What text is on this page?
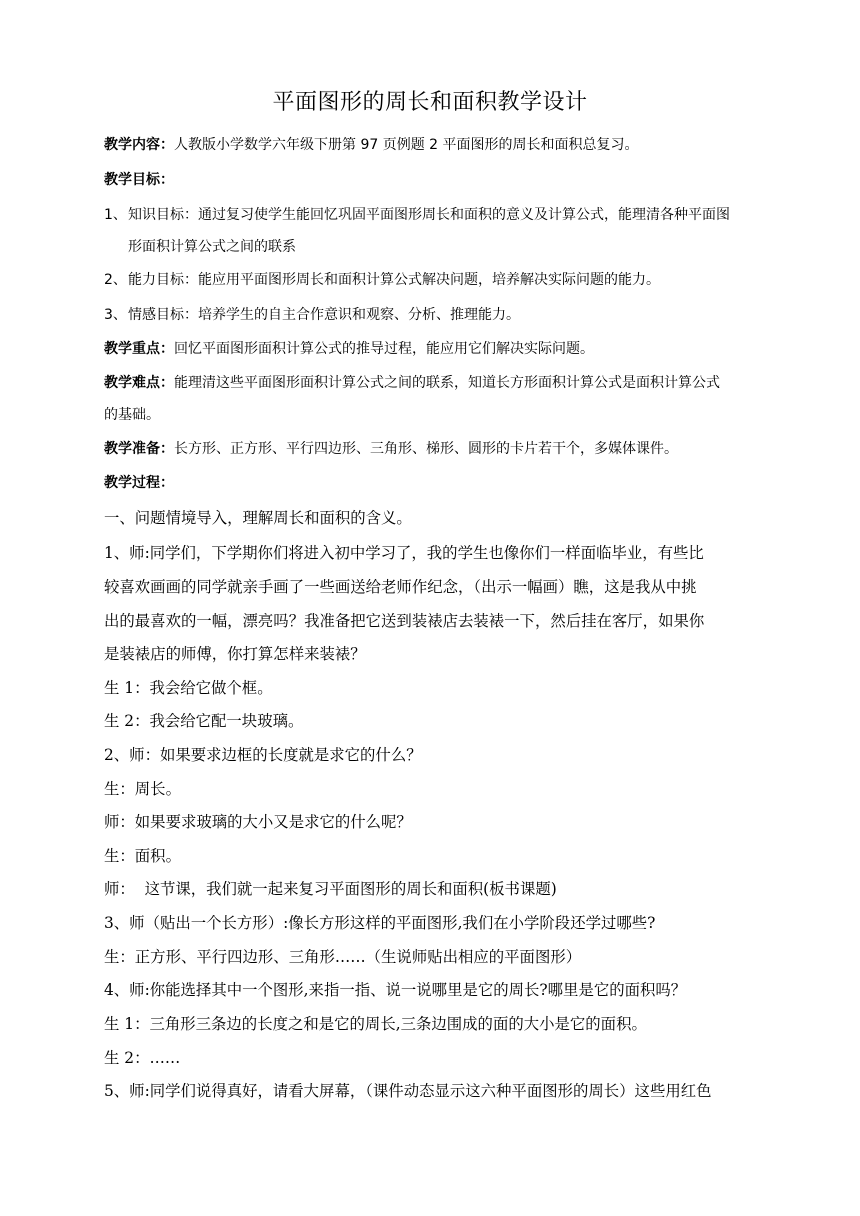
平面图形的周长和面积教学设计
教学内容：人教版小学数学六年级下册第 97 页例题 2 平面图形的周长和面积总复习。
教学目标：
1、知识目标：通过复习使学生能回忆巩固平面图形周长和面积的意义及计算公式，能理清各种平面图
形面积计算公式之间的联系
2、能力目标：能应用平面图形周长和面积计算公式解决问题，培养解决实际问题的能力。
3、情感目标：培养学生的自主合作意识和观察、分析、推理能力。
教学重点：回忆平面图形面积计算公式的推导过程，能应用它们解决实际问题。
教学难点：能理清这些平面图形面积计算公式之间的联系，知道长方形面积计算公式是面积计算公式
的基础。
教学准备：长方形、正方形、平行四边形、三角形、梯形、圆形的卡片若干个，多媒体课件。
教学过程：
一、问题情境导入，理解周长和面积的含义。
1、师:同学们，下学期你们将进入初中学习了，我的学生也像你们一样面临毕业，有些比
较喜欢画画的同学就亲手画了一些画送给老师作纪念，（出示一幅画）瞧，这是我从中挑
出的最喜欢的一幅，漂亮吗？我准备把它送到装裱店去装裱一下，然后挂在客厅，如果你
是装裱店的师傅，你打算怎样来装裱？
生 1：我会给它做个框。
生 2：我会给它配一块玻璃。
2、师：如果要求边框的长度就是求它的什么？
生：周长。
师：如果要求玻璃的大小又是求它的什么呢？
生：面积。
师：  这节课，我们就一起来复习平面图形的周长和面积(板书课题)
3、师（贴出一个长方形）:像长方形这样的平面图形,我们在小学阶段还学过哪些?
生：正方形、平行四边形、三角形……（生说师贴出相应的平面图形）
4、师:你能选择其中一个图形,来指一指、说一说哪里是它的周长?哪里是它的面积吗？
生 1：三角形三条边的长度之和是它的周长,三条边围成的面的大小是它的面积。
生 2：……
5、师:同学们说得真好，请看大屏幕，（课件动态显示这六种平面图形的周长）这些用红色
